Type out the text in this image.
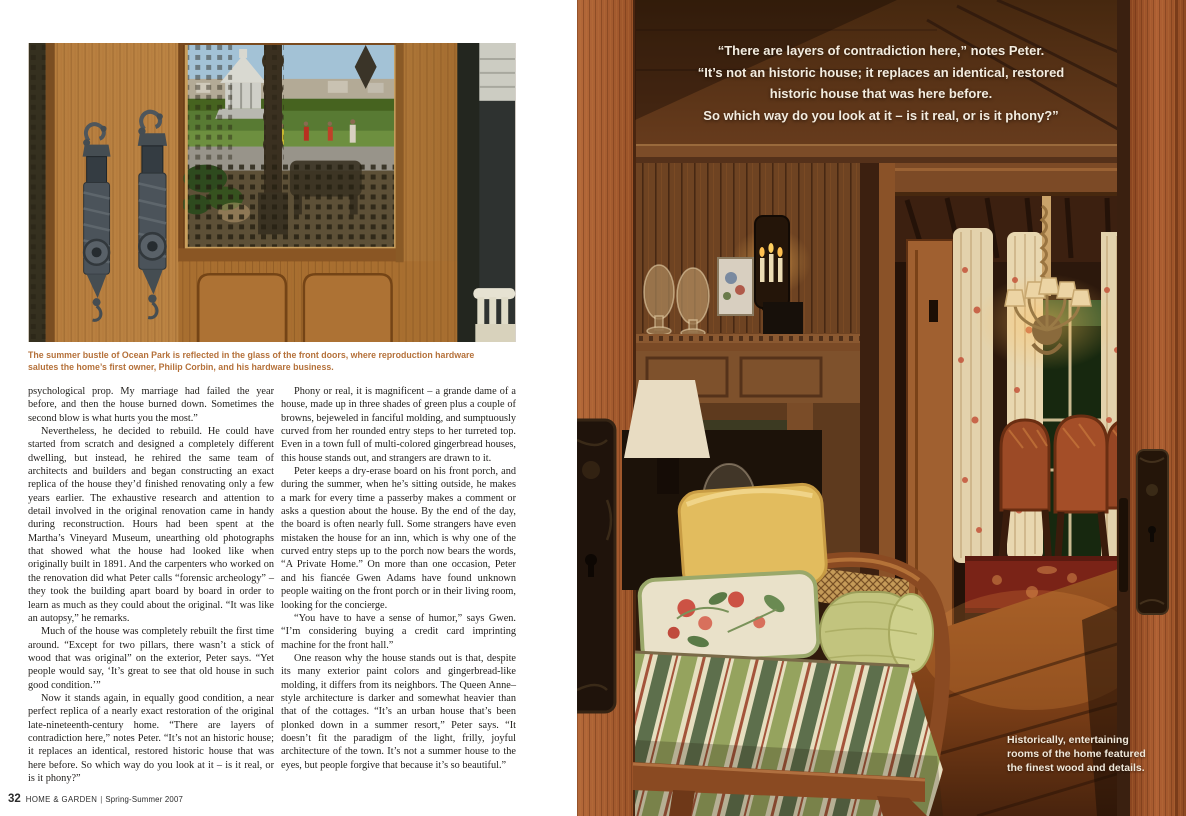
The summer bustle of Ocean Park is reflected in the glass of the front doors, where reproduction hardware salutes the home’s first owner, Philip Corbin, and his hardware business.

psychological prop. My marriage had failed the year before, and then the house burned down. Sometimes the second blow is what hurts you the most.”

Nevertheless, he decided to rebuild. He could have started from scratch and designed a completely different dwelling, but instead, he rehired the same team of architects and builders and began constructing an exact replica of the house they’d finished renovating only a few years earlier. The exhaustive research and attention to detail involved in the original renovation came in handy during reconstruction. Hours had been spent at the Martha’s Vineyard Museum, unearthing old photographs that showed what the house had looked like when originally built in 1891. And the carpenters who worked on the renovation did what Peter calls “forensic archeology” – they took the building apart board by board in order to learn as much as they could about the original. “It was like an autopsy,” he remarks.

Much of the house was completely rebuilt the first time around. “Except for two pillars, there wasn’t a stick of wood that was original” on the exterior, Peter says. “Yet people would say, ‘It’s great to see that old house in such good condition.’”

Now it stands again, in equally good condition, a near perfect replica of a nearly exact restoration of the original late-nineteenth-century home. “There are layers of contradiction here,” notes Peter. “It’s not an historic house; it replaces an identical, restored historic house that was here before. So which way do you look at it – is it real, or is it phony?”

Phony or real, it is magnificent – a grande dame of a house, made up in three shades of green plus a couple of browns, bejeweled in fanciful molding, and sumptuously curved from her rounded entry steps to her turreted top. Even in a town full of multi-colored gingerbread houses, this house stands out, and strangers are drawn to it.

Peter keeps a dry-erase board on his front porch, and during the summer, when he’s sitting outside, he makes a mark for every time a passerby makes a comment or asks a question about the house. By the end of the day, the board is often nearly full. Some strangers have even mistaken the house for an inn, which is why one of the curved entry steps up to the porch now bears the words, “A Private Home.” On more than one occasion, Peter and his fiancée Gwen Adams have found unknown people waiting on the front porch or in their living room, looking for the concierge.

“You have to have a sense of humor,” says Gwen. “I’m considering buying a credit card imprinting machine for the front hall.”

One reason why the house stands out is that, despite its many exterior paint colors and gingerbread-like molding, it differs from its neighbors. The Queen Anne–style architecture is darker and somewhat heavier than that of the cottages. “It’s an urban house that’s been plonked down in a summer resort,” Peter says. “It doesn’t fit the paradigm of the light, frilly, joyful architecture of the town. It’s not a summer house to the eyes, but people forgive that because it’s so beautiful.”

32 HOME & GARDEN | Spring-Summer 2007
“There are layers of contradiction here,” notes Peter.
“It’s not an historic house; it replaces an identical, restored
historic house that was here before.
So which way do you look at it – is it real, or is it phony?”
Historically, entertaining
rooms of the home featured
the finest wood and details.
